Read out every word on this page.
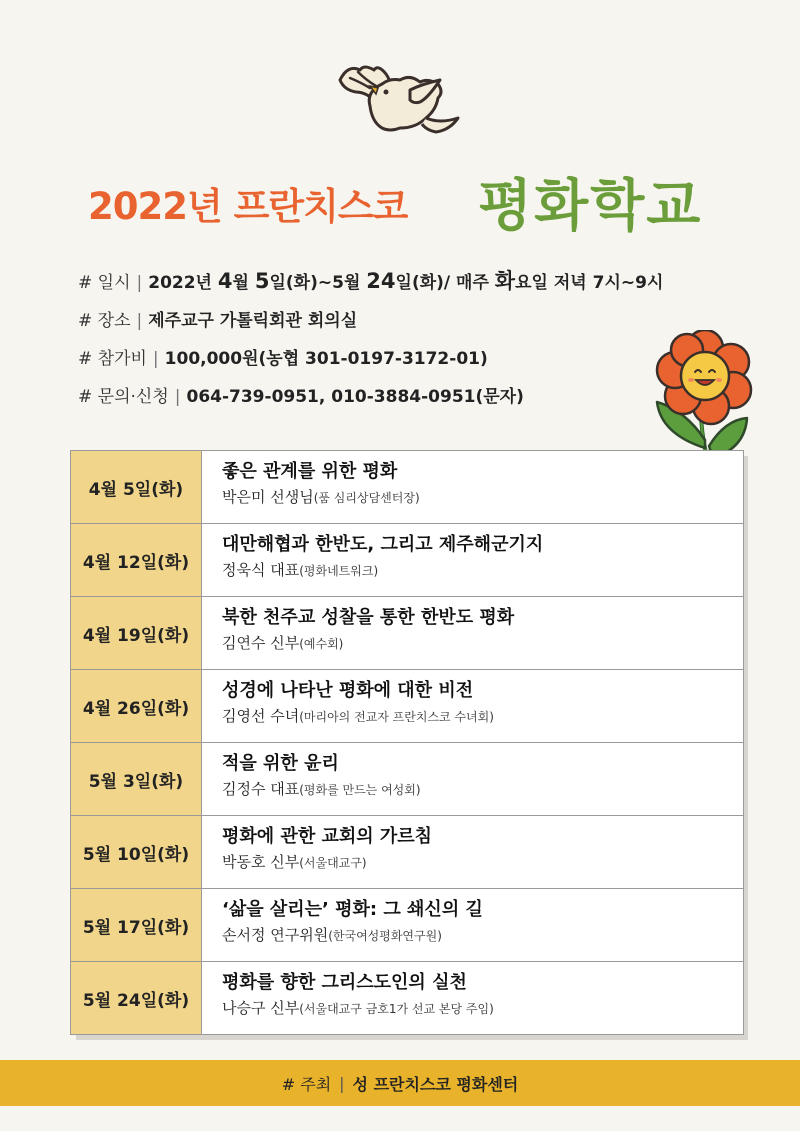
2022년 프란치스코 평화학교
# 일시 | 2022년 4월 5일(화)~5월 24일(화)/ 매주 화요일 저녁 7시~9시
# 장소 | 제주교구 가톨릭회관 회의실
# 참가비 | 100,000원(농협 301-0197-3172-01)
# 문의·신청 | 064-739-0951, 010-3884-0951(문자)
4월 5일(화)
좋은 관계를 위한 평화
박은미 선생님(품 심리상담센터장)
4월 12일(화)
대만해협과 한반도, 그리고 제주해군기지
정욱식 대표(평화네트워크)
4월 19일(화)
북한 천주교 성찰을 통한 한반도 평화
김연수 신부(예수회)
4월 26일(화)
성경에 나타난 평화에 대한 비전
김영선 수녀(마리아의 전교자 프란치스코 수녀회)
5월 3일(화)
적을 위한 윤리
김정수 대표(평화를 만드는 여성회)
5월 10일(화)
평화에 관한 교회의 가르침
박동호 신부(서울대교구)
5월 17일(화)
‘삶을 살리는’ 평화: 그 쇄신의 길
손서정 연구위원(한국여성평화연구원)
5월 24일(화)
평화를 향한 그리스도인의 실천
나승구 신부(서울대교구 금호1가 선교 본당 주임)
# 주최 | 성 프란치스코 평화센터
